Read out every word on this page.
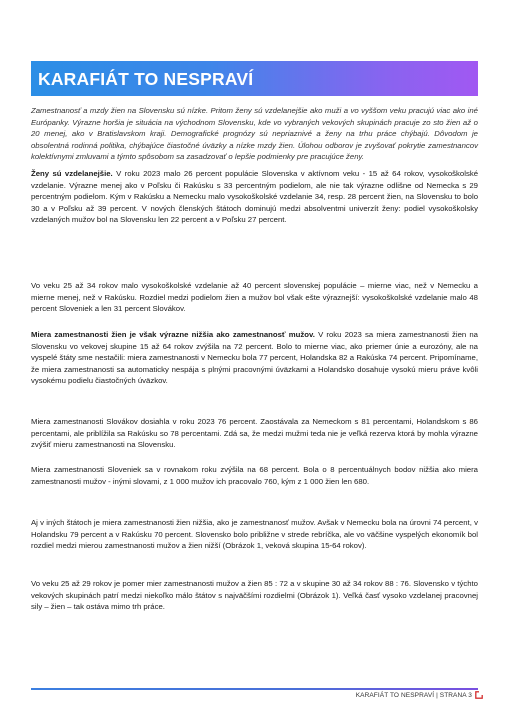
KARAFIÁT TO NESPRAVÍ
Zamestnanosť a mzdy žien na Slovensku sú nízke. Pritom ženy sú vzdelanejšie ako muži a vo vyššom veku pracujú viac ako iné Európanky. Výrazne horšia je situácia na východnom Slovensku, kde vo vybraných vekových skupinách pracuje zo sto žien až o 20 menej, ako v Bratislavskom kraji. Demografické prognózy sú nepriaznivé a ženy na trhu práce chýbajú. Dôvodom je obsolentná rodinná politika, chýbajúce čiastočné úväzky a nízke mzdy žien. Úlohou odborov je zvyšovať pokrytie zamestnancov kolektívnymi zmluvami a týmto spôsobom sa zasadzovať o lepšie podmienky pre pracujúce ženy.
Ženy sú vzdelanejšie. V roku 2023 malo 26 percent populácie Slovenska v aktívnom veku - 15 až 64 rokov, vysokoškolské vzdelanie. Výrazne menej ako v Poľsku či Rakúsku s 33 percentným podielom, ale nie tak výrazne odlišne od Nemecka s 29 percentným podielom. Kým v Rakúsku a Nemecku malo vysokoškolské vzdelanie 34, resp. 28 percent žien, na Slovensku to bolo 30 a v Poľsku až 39 percent. V nových členských štátoch dominujú medzi absolventmi univerzít ženy: podiel vysokoškolsky vzdelaných mužov bol na Slovensku len 22 percent a v Poľsku 27 percent.
Vo veku 25 až 34 rokov malo vysokoškolské vzdelanie až 40 percent slovenskej populácie – mierne viac, než v Nemecku a mierne menej, než v Rakúsku. Rozdiel medzi podielom žien a mužov bol však ešte výraznejší: vysokoškolské vzdelanie malo 48 percent Sloveniek a len 31 percent Slovákov.
Miera zamestnanosti žien je však výrazne nižšia ako zamestnanosť mužov. V roku 2023 sa miera zamestnanosti žien na Slovensku vo vekovej skupine 15 až 64 rokov zvýšila na 72 percent. Bolo to mierne viac, ako priemer únie a eurozóny, ale na vyspelé štáty sme nestačili: miera zamestnanosti v Nemecku bola 77 percent, Holandska 82 a Rakúska 74 percent. Pripomíname, že miera zamestnanosti sa automaticky nespája s plnými pracovnými úväzkami a Holandsko dosahuje vysokú mieru práve kvôli vysokému podielu čiastočných úväzkov.
Miera zamestnanosti Slovákov dosiahla v roku 2023 76 percent. Zaostávala za Nemeckom s 81 percentami, Holandskom s 86 percentami, ale priblížila sa Rakúsku so 78 percentami. Zdá sa, že medzi mužmi teda nie je veľká rezerva ktorá by mohla výrazne zvýšiť mieru zamestnanosti na Slovensku.
Miera zamestnanosti Sloveniek sa v rovnakom roku zvýšila na 68 percent. Bola o 8 percentuálnych bodov nižšia ako miera zamestnanosti mužov - inými slovami, z 1 000 mužov ich pracovalo 760, kým z 1 000 žien len 680.
Aj v iných štátoch je miera zamestnanosti žien nižšia, ako je zamestnanosť mužov. Avšak v Nemecku bola na úrovni 74 percent, v Holandsku 79 percent a v Rakúsku 70 percent. Slovensko bolo približne v strede rebríčka, ale vo väčšine vyspelých ekonomík bol rozdiel medzi mierou zamestnanosti mužov a žien nižší (Obrázok 1, veková skupina 15-64 rokov).
Vo veku 25 až 29 rokov je pomer mier zamestnanosti mužov a žien 85 : 72 a v skupine 30 až 34 rokov 88 : 76. Slovensko v týchto vekových skupinách patrí medzi niekoľko málo štátov s najväčšími rozdielmi (Obrázok 1). Veľká časť vysoko vzdelanej pracovnej sily – žien – tak ostáva mimo trh práce.
KARAFIÁT TO NESPRAVÍ | STRANA 3
